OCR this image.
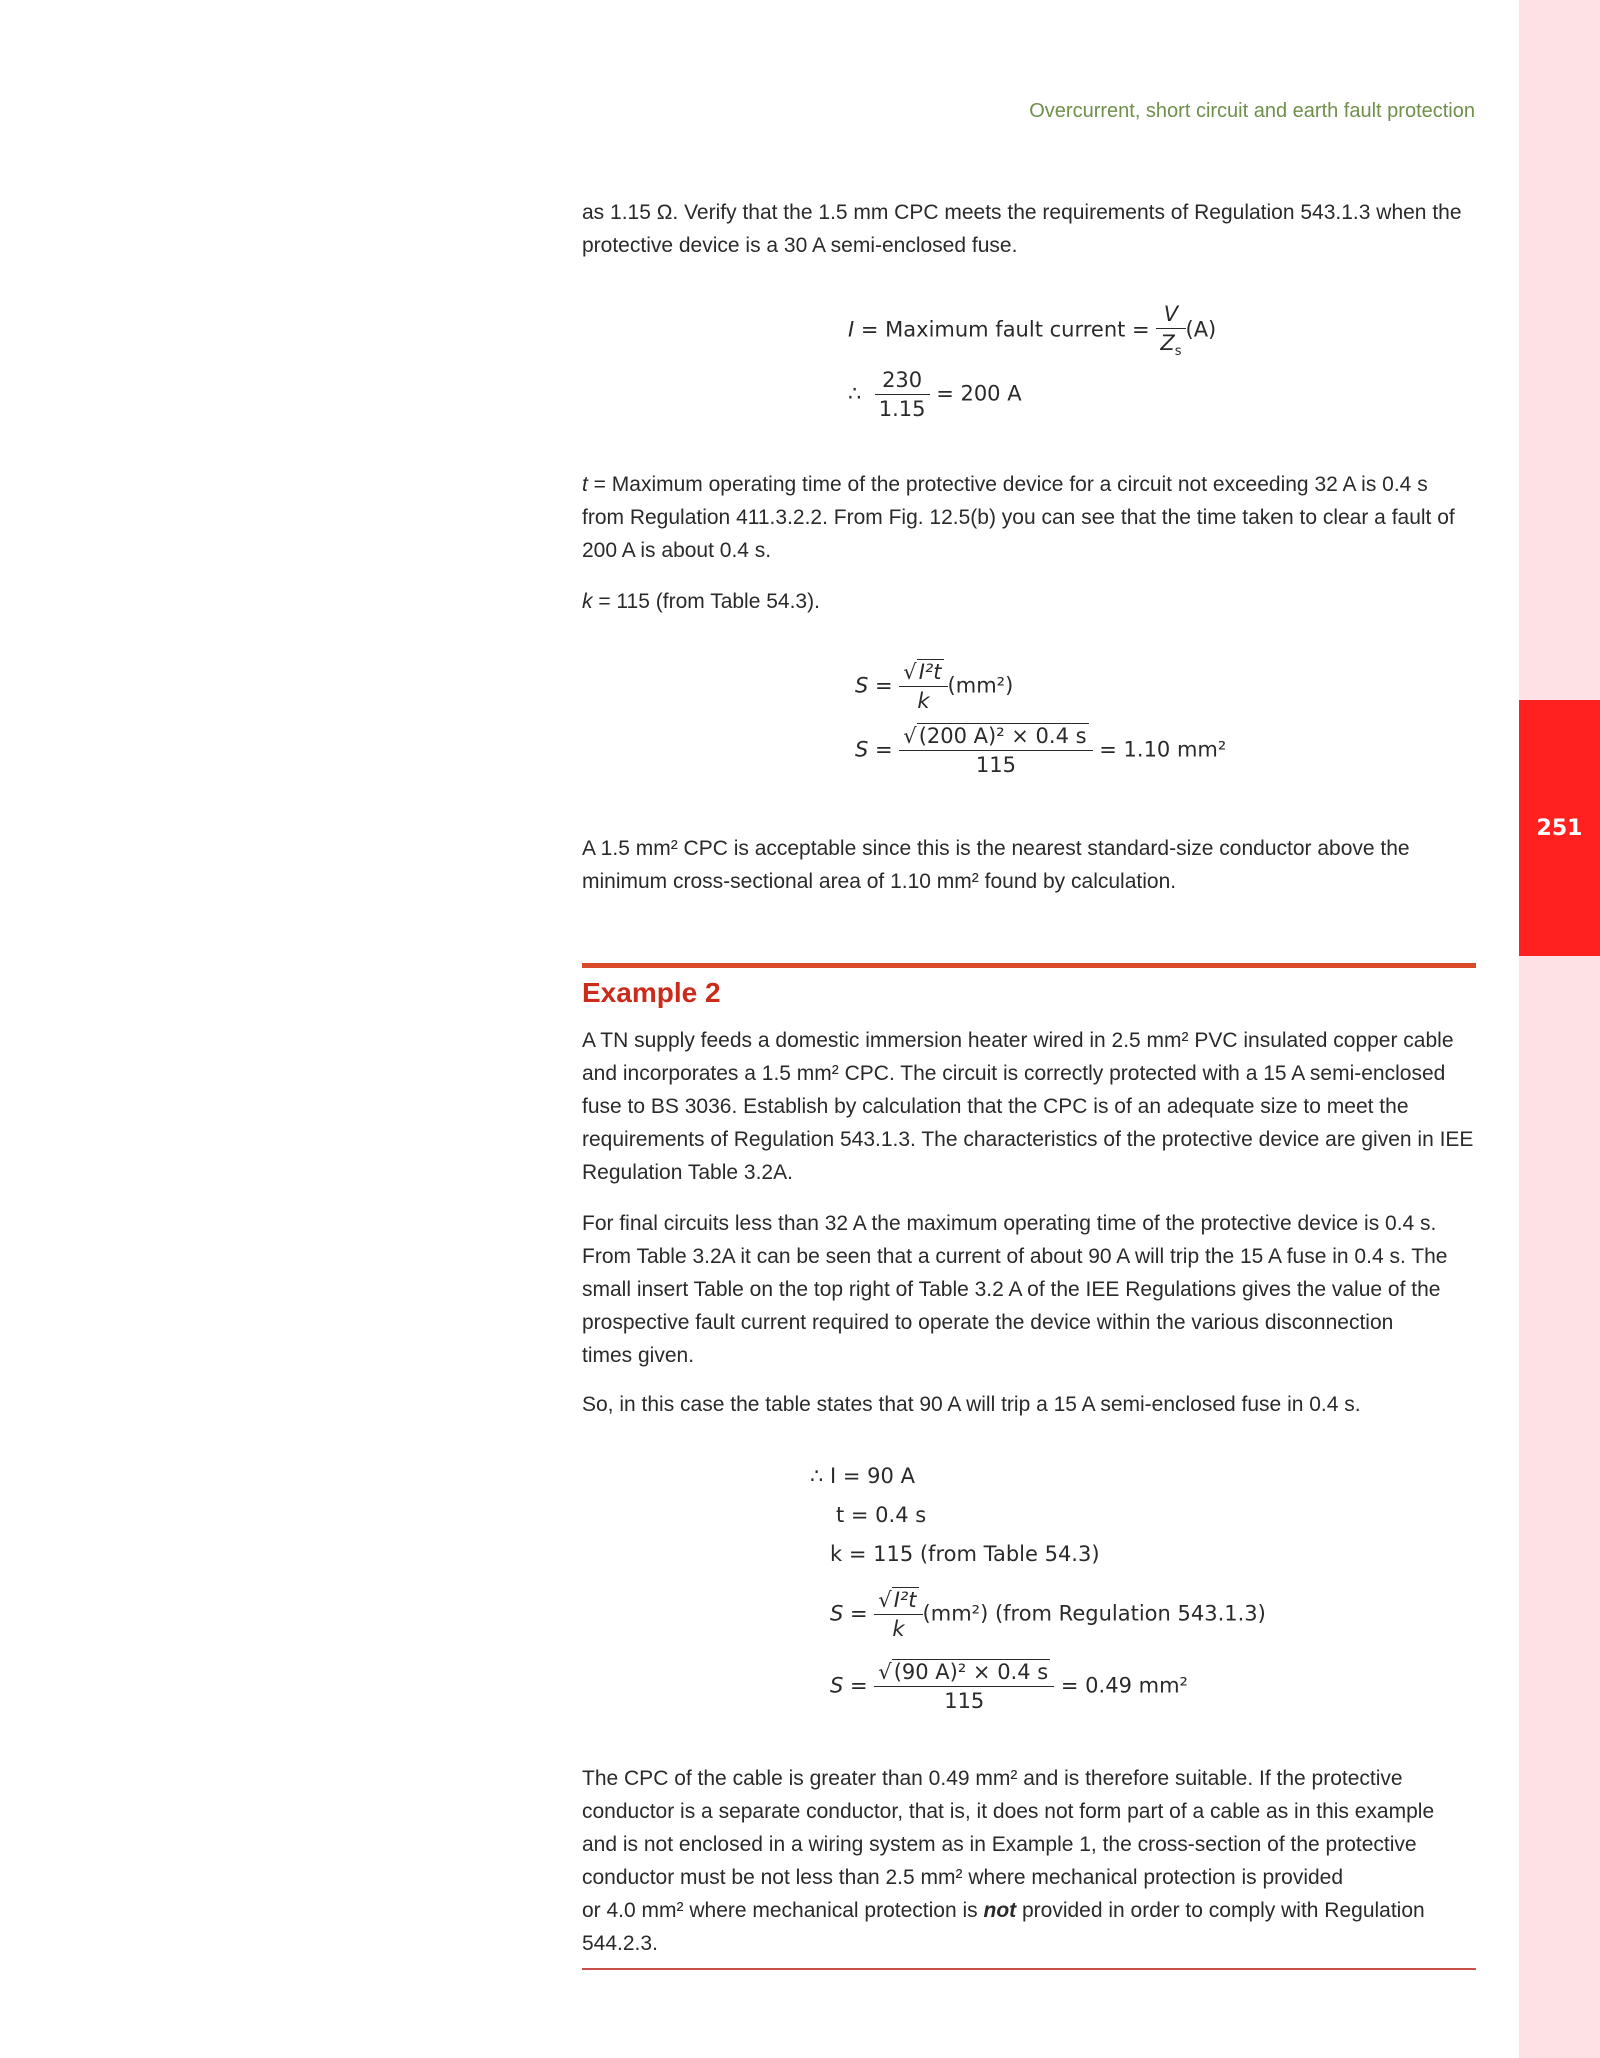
Overcurrent, short circuit and earth fault protection
251
as 1.15 Ω. Verify that the 1.5 mm CPC meets the requirements of Regulation 543.1.3 when the
protective device is a 30 A semi-enclosed fuse.
I = Maximum fault current = $\frac{V}{Z_s} (A)$
∴ $\frac{230}{1.15} = 200$ A
t = Maximum operating time of the protective device for a circuit not exceeding 32 A is 0.4 s
from Regulation 411.3.2.2. From Fig. 12.5(b) you can see that the time taken to clear a fault of
200 A is about 0.4 s.
k = 115 (from Table 54.3).
$S = \frac{\text{√I²t}}{k} (mm^2)$
$S = \frac{\text{√(200 A)² × 0.4 s}}{115} = 1.10$ mm²
A 1.5 mm² CPC is acceptable since this is the nearest standard-size conductor above the
minimum cross-sectional area of 1.10 mm² found by calculation.
Example 2
A TN supply feeds a domestic immersion heater wired in 2.5 mm² PVC insulated copper cable
and incorporates a 1.5 mm² CPC. The circuit is correctly protected with a 15 A semi-enclosed
fuse to BS 3036. Establish by calculation that the CPC is of an adequate size to meet the
requirements of Regulation 543.1.3. The characteristics of the protective device are given in IEE
Regulation Table 3.2A.
For final circuits less than 32 A the maximum operating time of the protective device is 0.4 s.
From Table 3.2A it can be seen that a current of about 90 A will trip the 15 A fuse in 0.4 s. The
small insert Table on the top right of Table 3.2 A of the IEE Regulations gives the value of the
prospective fault current required to operate the device within the various disconnection
times given.
So, in this case the table states that 90 A will trip a 15 A semi-enclosed fuse in 0.4 s.
∴ I = 90 A
t = 0.4 s
k = 115 (from Table 54.3)
$S = \frac{\text{√I²t}}{k} (mm^2)$ (from Regulation 543.1.3)
$S = \frac{\text{√(90 A)² × 0.4 s}}{115} = 0.49$ mm²
The CPC of the cable is greater than 0.49 mm² and is therefore suitable. If the protective
conductor is a separate conductor, that is, it does not form part of a cable as in this example
and is not enclosed in a wiring system as in Example 1, the cross-section of the protective
conductor must be not less than 2.5 mm² where mechanical protection is provided
or 4.0 mm² where mechanical protection is not provided in order to comply with Regulation
544.2.3.
